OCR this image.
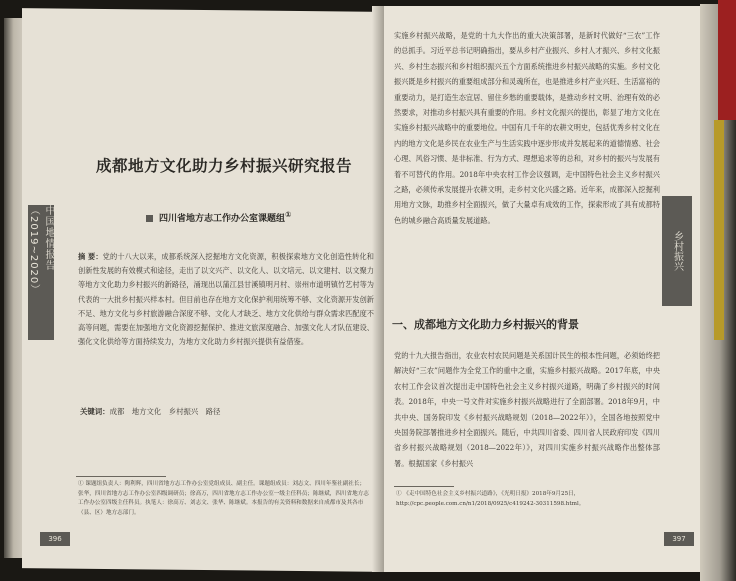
中国地情报告（2019~2020）
成都地方文化助力乡村振兴研究报告
四川省地方志工作办公室课题组①
摘 要：党的十八大以来，成都系统深入挖掘地方文化资源，积极探索地方文化创造性转化和创新性发展的有效模式和途径，走出了以文兴产、以文化人、以文培元、以文建村、以文聚力等地方文化助力乡村振兴的新路径，涌现出以蒲江县甘溪镇明月村、崇州市道明镇竹艺村等为代表的一大批乡村振兴样本村。但目前也存在地方文化保护利用统筹不够、文化资源开发创新不足、地方文化与乡村旅游融合深度不够、文化人才缺乏、地方文化供给与群众需求匹配度不高等问题，需要在加强地方文化资源挖掘保护、推进文旅深度融合、加强文化人才队伍建设、强化文化供给等方面持续发力，为地方文化助力乡村振兴提供有益借鉴。
关键词：成都　地方文化　乡村振兴　路径
① 课题组负责人：陶利辉，四川省地方志工作办公室党组成员、副主任。课题组成员：刘志文、四川年鉴社副社长；张华，四川省地方志工作办公室四级调研员；徐高万，四川省地方志工作办公室一级主任科员；陈继斌，四川省地方志工作办公室四级主任科员。执笔人：徐高万、刘志文、张华、陈继斌。本报告的有关资料和数据来自成都市及其各市（县、区）地方志部门。
396
乡村振兴
实施乡村振兴战略，是党的十九大作出的重大决策部署，是新时代做好“三农”工作的总抓手。习近平总书记明确指出，要从乡村产业振兴、乡村人才振兴、乡村文化振兴、乡村生态振兴和乡村组织振兴五个方面系统推进乡村振兴战略的实施。乡村文化振兴既是乡村振兴的重要组成部分和灵魂所在，也是推进乡村产业兴旺、生活富裕的重要动力，是打造生态宜居、留住乡愁的重要载体，是推动乡村文明、治理有效的必然要求，对推动乡村振兴具有重要的作用。乡村文化振兴的提出，彰显了地方文化在实施乡村振兴战略中的重要地位。中国有几千年的农耕文明史，包括优秀乡村文化在内的地方文化是乡民在农业生产与生活实践中逐步形成并发展起来的道德情感、社会心理、风俗习惯、是非标准、行为方式、理想追求等的总和，对乡村的振兴与发展有着不可替代的作用。2018年中央农村工作会议强调，走中国特色社会主义乡村振兴之路，必须传承发展提升农耕文明，走乡村文化兴盛之路。近年来，成都深入挖掘利用地方文脉，助推乡村全面振兴，做了大量卓有成效的工作，探索形成了具有成都特色的城乡融合高质量发展道路。
一、成都地方文化助力乡村振兴的背景
党的十九大报告指出，农业农村农民问题是关系国计民生的根本性问题，必须始终把解决好“三农”问题作为全党工作的重中之重，实施乡村振兴战略。2017年底，中央农村工作会议首次提出走中国特色社会主义乡村振兴道路，明确了乡村振兴的时间表。2018年，中央一号文件对实施乡村振兴战略进行了全面部署。2018年9月，中共中央、国务院印发《乡村振兴战略规划（2018—2022年）》，全国各地按照党中央国务院部署推进乡村全面振兴。随后，中共四川省委、四川省人民政府印发《四川省乡村振兴战略规划（2018—2022年）》，对四川实施乡村振兴战略作出整体部署。根据国家《乡村振兴
① 《走中国特色社会主义乡村振兴道路》，《光明日报》2018年9月25日，http://cpc.people.com.cn/n1/2018/0925/c419242-30311598.html。
397
